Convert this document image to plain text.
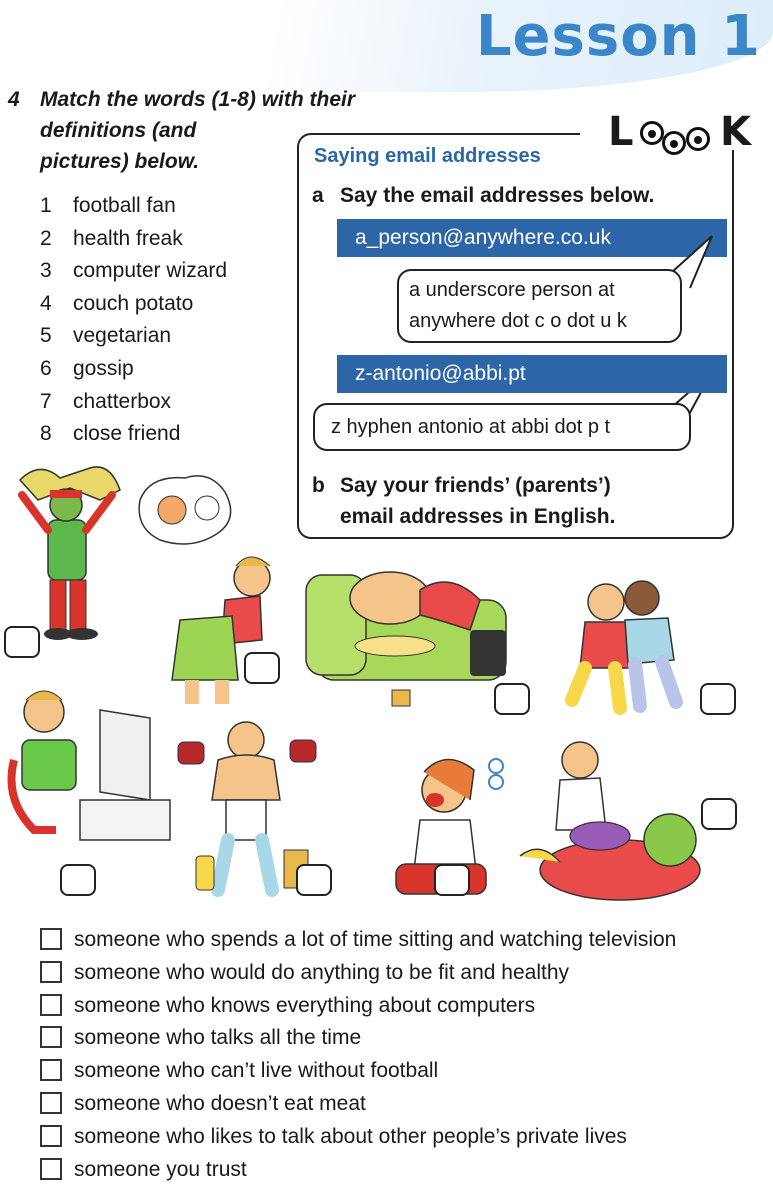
Lesson 1
4 Match the words (1-8) with their
definitions (and
pictures) below.
1 football fan
2 health freak
3 computer wizard
4 couch potato
5 vegetarian
6 gossip
7 chatterbox
8 close friend
L K
Saying email addresses
a Say the email addresses below.
a_person@anywhere.co.uk
a underscore person at
anywhere dot c o dot u k
z-antonio@abbi.pt
z hyphen antonio at abbi dot p t
b Say your friends’ (parents’)
email addresses in English.
someone who spends a lot of time sitting and watching television
someone who would do anything to be fit and healthy
someone who knows everything about computers
someone who talks all the time
someone who can’t live without football
someone who doesn’t eat meat
someone who likes to talk about other people’s private lives
someone you trust
